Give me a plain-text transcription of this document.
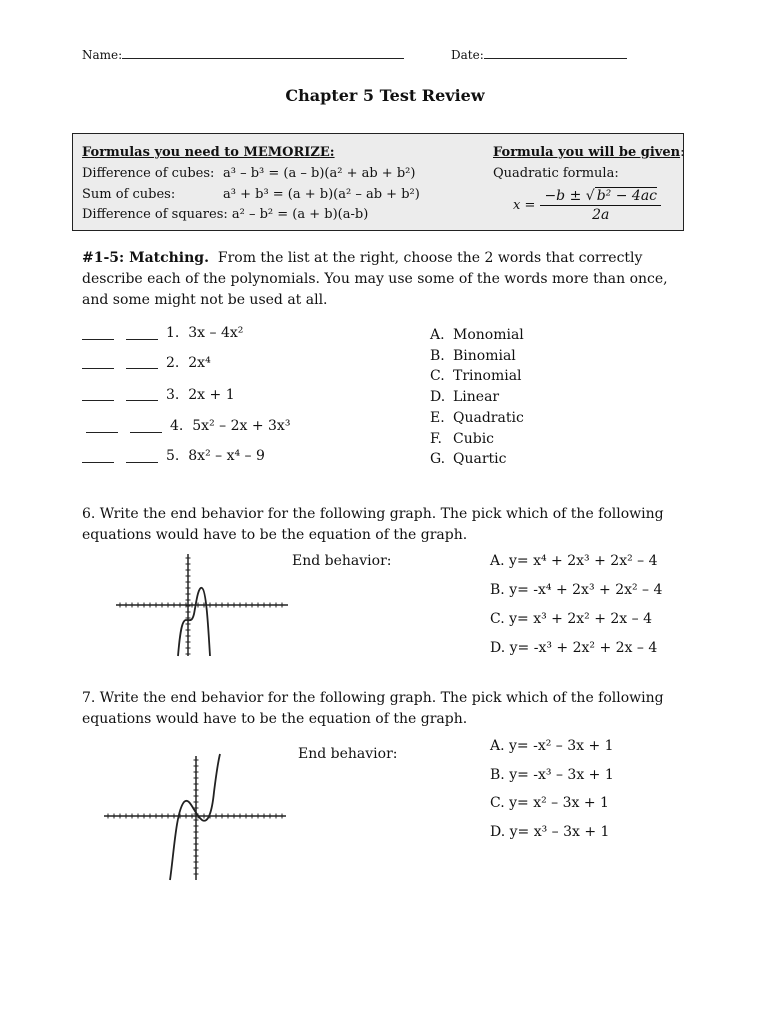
Name:	Date:
Chapter 5 Test Review
Formulas you need to MEMORIZE:
Difference of cubes: a³ – b³ = (a – b)(a² + ab + b²)
Sum of cubes:	a³ + b³ = (a + b)(a² – ab + b²)
Difference of squares: a² – b² = (a + b)(a-b)
Formula you will be given:
Quadratic formula:
$x = \frac{\text{−b ± √ b² − 4ac}}{2a}$
#1-5: Matching. From the list at the right, choose the 2 words that correctly describe each of the polynomials. You may use some of the words more than once, and some might not be used at all.
1. 3x – 4x²
2. 2x⁴
3. 2x + 1
4. 5x² – 2x + 3x³
5. 8x² – x⁴ – 9
A. Monomial
B. Binomial
C. Trinomial
D. Linear
E. Quadratic
F. Cubic
G. Quartic
6. Write the end behavior for the following graph. The pick which of the following equations would have to be the equation of the graph.
End behavior:	A. y= x⁴ + 2x³ + 2x² – 4
B. y= -x⁴ + 2x³ + 2x² – 4
C. y= x³ + 2x² + 2x – 4
D. y= -x³ + 2x² + 2x – 4
7. Write the end behavior for the following graph. The pick which of the following equations would have to be the equation of the graph.
End behavior:	A. y= -x² – 3x + 1
B. y= -x³ – 3x + 1
C. y= x² – 3x + 1
D. y= x³ – 3x + 1
